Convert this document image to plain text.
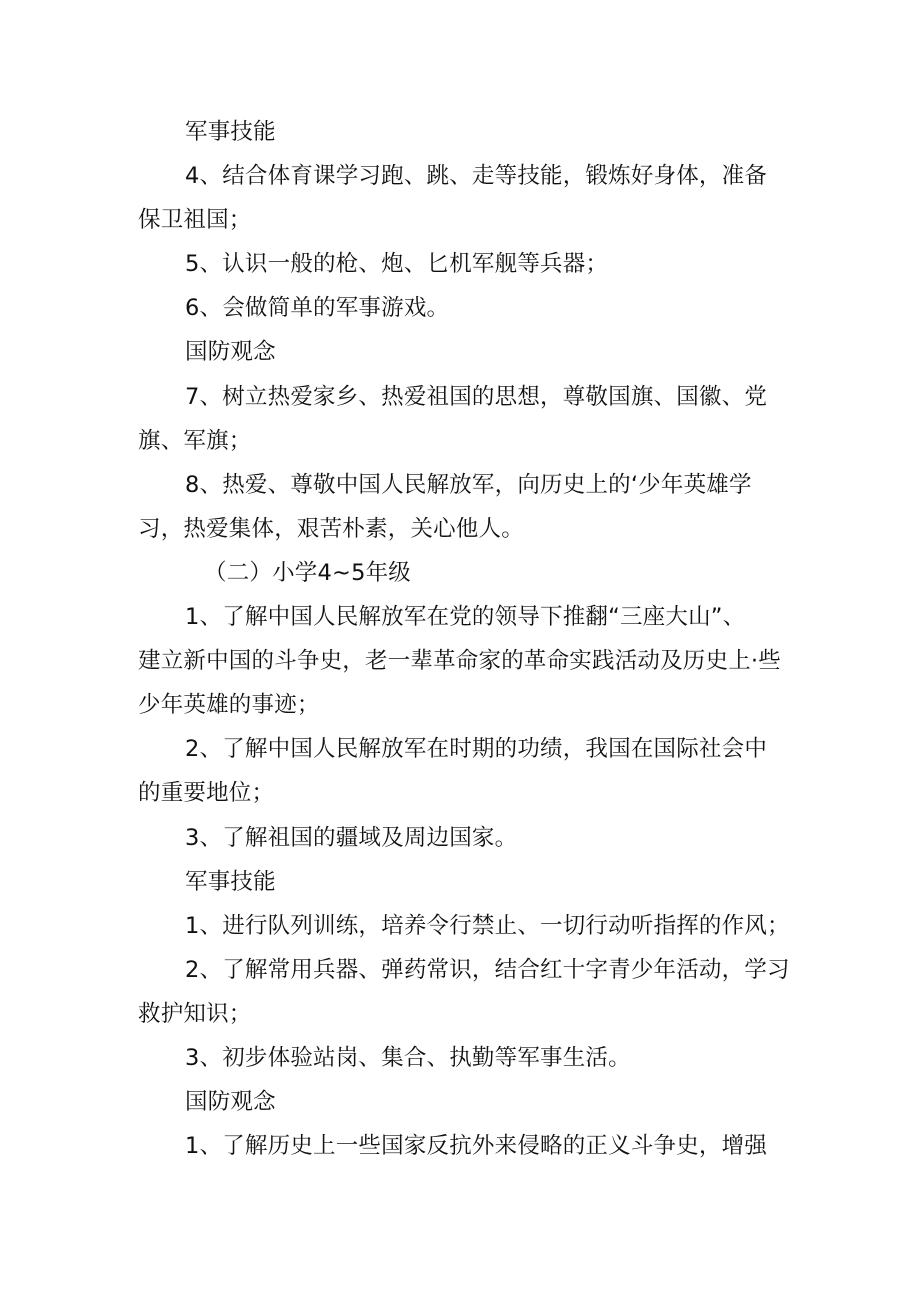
军事技能
4、结合体育课学习跑、跳、走等技能，锻炼好身体，准备
保卫祖国；
5、认识一般的枪、炮、匕机军舰等兵器；
6、会做简单的军事游戏。
国防观念
7、树立热爱家乡、热爱祖国的思想，尊敬国旗、国徽、党
旗、军旗；
8、热爱、尊敬中国人民解放军，向历史上的‘少年英雄学
习，热爱集体，艰苦朴素，关心他人。
（二）小学4~5年级
1、了解中国人民解放军在党的领导下推翻“三座大山”、
建立新中国的斗争史，老一辈革命家的革命实践活动及历史上·些
少年英雄的事迹；
2、了解中国人民解放军在时期的功绩，我国在国际社会中
的重要地位；
3、了解祖国的疆域及周边国家。
军事技能
1、进行队列训练，培养令行禁止、一切行动听指挥的作风；
2、了解常用兵器、弹药常识，结合红十字青少年活动，学习
救护知识；
3、初步体验站岗、集合、执勤等军事生活。
国防观念
1、了解历史上一些国家反抗外来侵略的正义斗争史，增强
